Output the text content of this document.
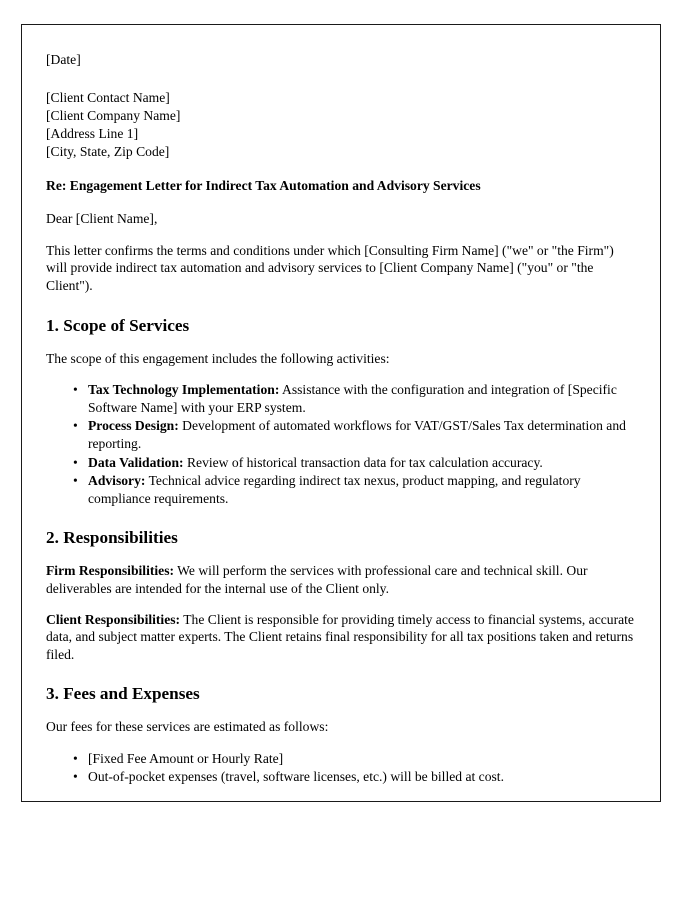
[Date]

[Client Contact Name]
[Client Company Name]
[Address Line 1]
[City, State, Zip Code]

Re: Engagement Letter for Indirect Tax Automation and Advisory Services

Dear [Client Name],

This letter confirms the terms and conditions under which [Consulting Firm Name] ("we" or "the Firm") will provide indirect tax automation and advisory services to [Client Company Name] ("you" or "the Client").

1. Scope of Services

The scope of this engagement includes the following activities:

• Tax Technology Implementation: Assistance with the configuration and integration of [Specific Software Name] with your ERP system.
• Process Design: Development of automated workflows for VAT/GST/Sales Tax determination and reporting.
• Data Validation: Review of historical transaction data for tax calculation accuracy.
• Advisory: Technical advice regarding indirect tax nexus, product mapping, and regulatory compliance requirements.
2. Responsibilities

Firm Responsibilities: We will perform the services with professional care and technical skill. Our deliverables are intended for the internal use of the Client only.

Client Responsibilities: The Client is responsible for providing timely access to financial systems, accurate data, and subject matter experts. The Client retains final responsibility for all tax positions taken and returns filed.

3. Fees and Expenses

Our fees for these services are estimated as follows:

• [Fixed Fee Amount or Hourly Rate]
• Out-of-pocket expenses (travel, software licenses, etc.) will be billed at cost.
